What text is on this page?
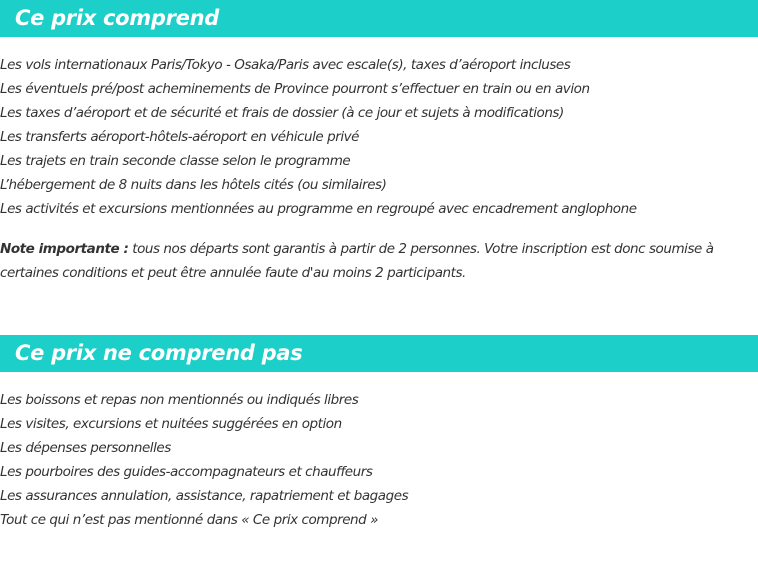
Ce prix comprend
Les vols internationaux Paris/Tokyo - Osaka/Paris avec escale(s), taxes d’aéroport incluses
Les éventuels pré/post acheminements de Province pourront s’effectuer en train ou en avion
Les taxes d’aéroport et de sécurité et frais de dossier (à ce jour et sujets à modifications)
Les transferts aéroport-hôtels-aéroport en véhicule privé
Les trajets en train seconde classe selon le programme
L’hébergement de 8 nuits dans les hôtels cités (ou similaires)
Les activités et excursions mentionnées au programme en regroupé avec encadrement anglophone

Note importante : tous nos départs sont garantis à partir de 2 personnes. Votre inscription est donc soumise à certaines conditions et peut être annulée faute d'au moins 2 participants.

Ce prix ne comprend pas
Les boissons et repas non mentionnés ou indiqués libres
Les visites, excursions et nuitées suggérées en option
Les dépenses personnelles
Les pourboires des guides-accompagnateurs et chauffeurs
Les assurances annulation, assistance, rapatriement et bagages
Tout ce qui n’est pas mentionné dans « Ce prix comprend »
